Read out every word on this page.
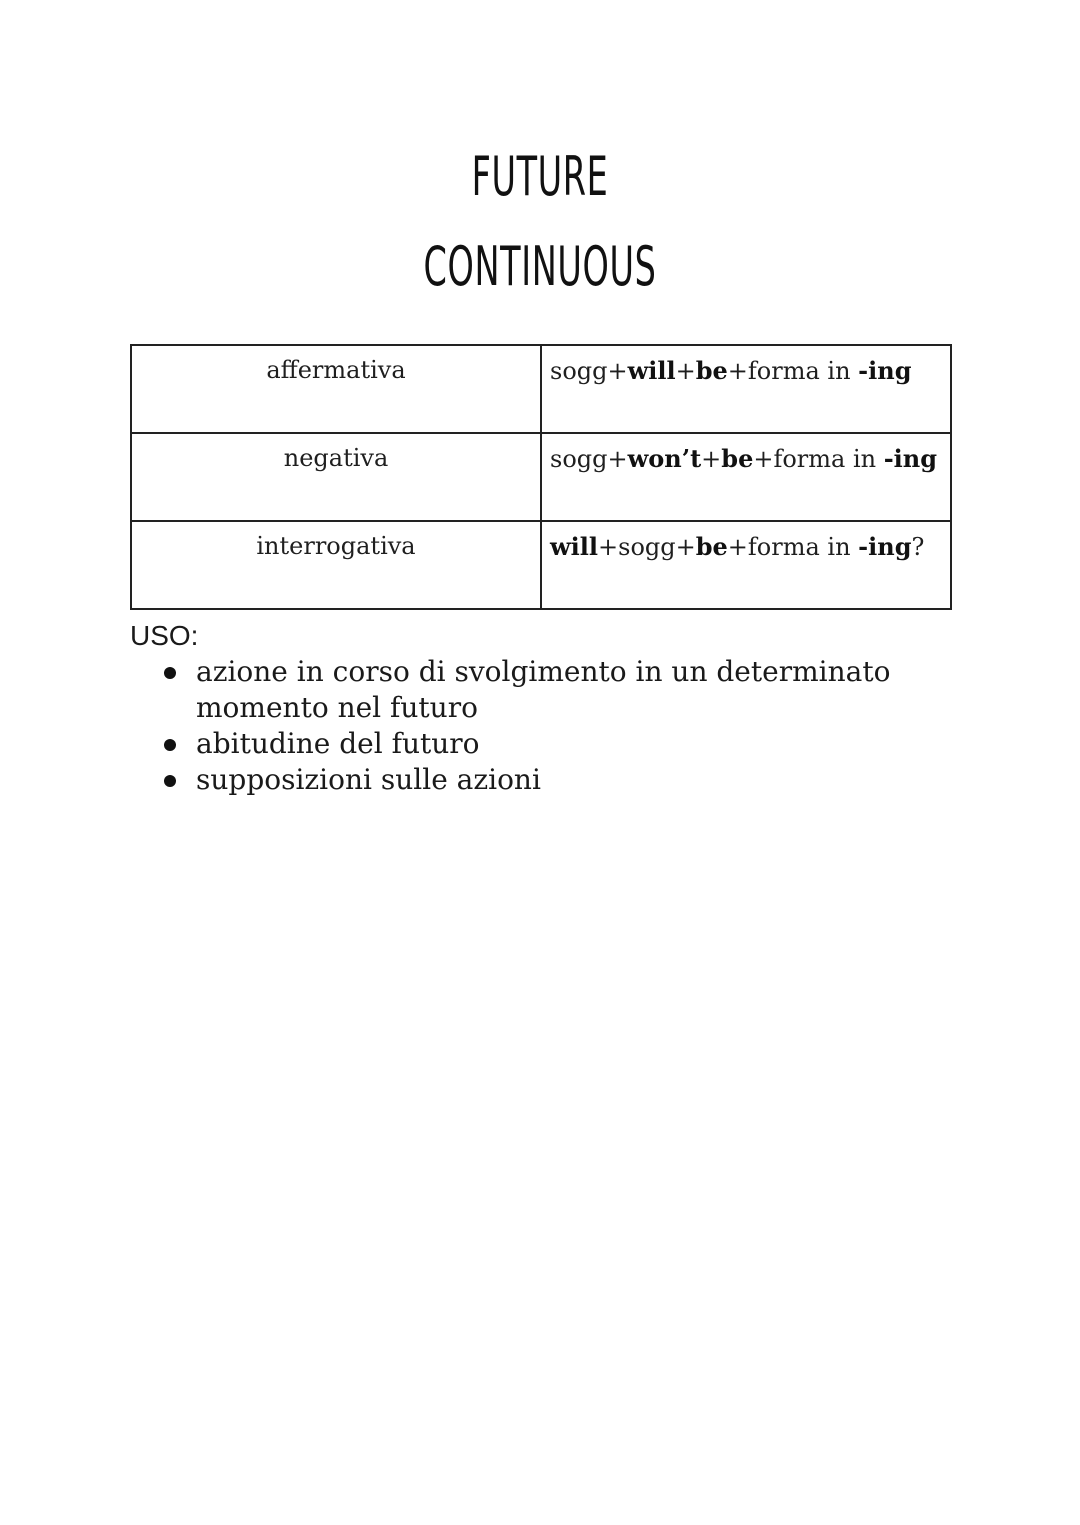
FUTURE
CONTINUOUS
affermativa	sogg+will+be+forma in -ing
negativa	sogg+won’t+be+forma in -ing
interrogativa	will+sogg+be+forma in -ing?
USO:
azione in corso di svolgimento in un determinato momento nel futuro
abitudine del futuro
supposizioni sulle azioni
